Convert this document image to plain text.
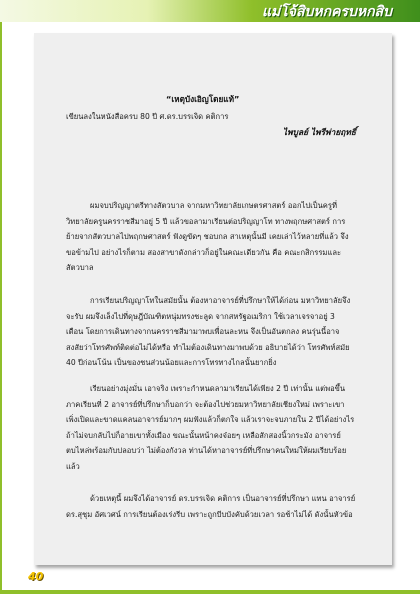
แม่โจ้สิบหกครบหกสิบ
“เหตุบังเอิญโดยแท้”
เขียนลงในหนังสือครบ 80 ปี ศ.ดร.บรรเจิด คติการ
ไพบูลย์ ไพรีพ่ายฤทธิ์
ผมจบปริญญาตรีทางสัตวบาล จากมหาวิทยาลัยเกษตรศาสตร์ ออกไปเป็นครูที่
วิทยาลัยครูนครราชสีมาอยู่ 5 ปี แล้วขอลามาเรียนต่อปริญญาโท ทางพฤกษศาสตร์ การ
ย้ายจากสัตวบาลไปพฤกษศาสตร์ ฟังดูขัดๆ ชอบกล สาเหตุนั้นมี เคยเล่าไว้หลายที่แล้ว จึง
ขอข้ามไป อย่างไรก็ตาม สองสาขาดังกล่าวก็อยู่ในคณะเดียวกัน คือ คณะกสิกรรมและ
สัตวบาล
การเรียนปริญญาโทในสมัยนั้น ต้องหาอาจารย์ที่ปรึกษาให้ได้ก่อน มหาวิทยาลัยจึง
จะรับ ผมจึงเล็งไปที่ดุษฎีบัณฑิตหนุ่มทรงชะลูด จากสหรัฐอเมริกา ใช้เวลาเจรจาอยู่ 3
เดือน โดยการเดินทางจากนครราชสีมามาพบเพื่อนละหน จึงเป็นอันตกลง คนรุ่นนี้อาจ
สงสัยว่าโทรศัพท์ติดต่อไม่ได้หรือ ทำไมต้องเดินทางมาพบด้วย อธิบายได้ว่า โทรศัพท์สมัย
40 ปีก่อนโน้น เป็นของชนส่วนน้อยและการโทรทางไกลนั้นยากยิ่ง
เรียนอย่างมุ่งมั่น เอาจริง เพราะกำหนดลามาเรียนได้เพียง 2 ปี เท่านั้น แต่พอขึ้น
ภาคเรียนที่ 2 อาจารย์ที่ปรึกษาก็บอกว่า จะต้องไปช่วยมหาวิทยาลัยเชียงใหม่ เพราะเขา
เพิ่งเปิดและขาดแคลนอาจารย์มากๆ ผมฟังแล้วก็ตกใจ แล้วเราจะจบภายใน 2 ปีได้อย่างไร
ถ้าไม่จบกลับไปก็อายเขาทั้งเมือง ขณะนั้นหน้าคงจ๋อยๆ เหลือสักสองนิ้วกระมัง อาจารย์
ตบไหล่พร้อมกับปลอบว่า ไม่ต้องกังวล ท่านได้หาอาจารย์ที่ปรึกษาคนใหม่ให้ผมเรียบร้อย
แล้ว
ด้วยเหตุนี้ ผมจึงได้อาจารย์ ดร.บรรเจิด คติการ เป็นอาจารย์ที่ปรึกษา แทน อาจารย์
ดร.สุชุม อัศเวศน์ การเรียนต้องเร่งรีบ เพราะถูกบีบบังคับด้วยเวลา รอช้าไม่ได้ ดังนั้นหัวข้อ
40
